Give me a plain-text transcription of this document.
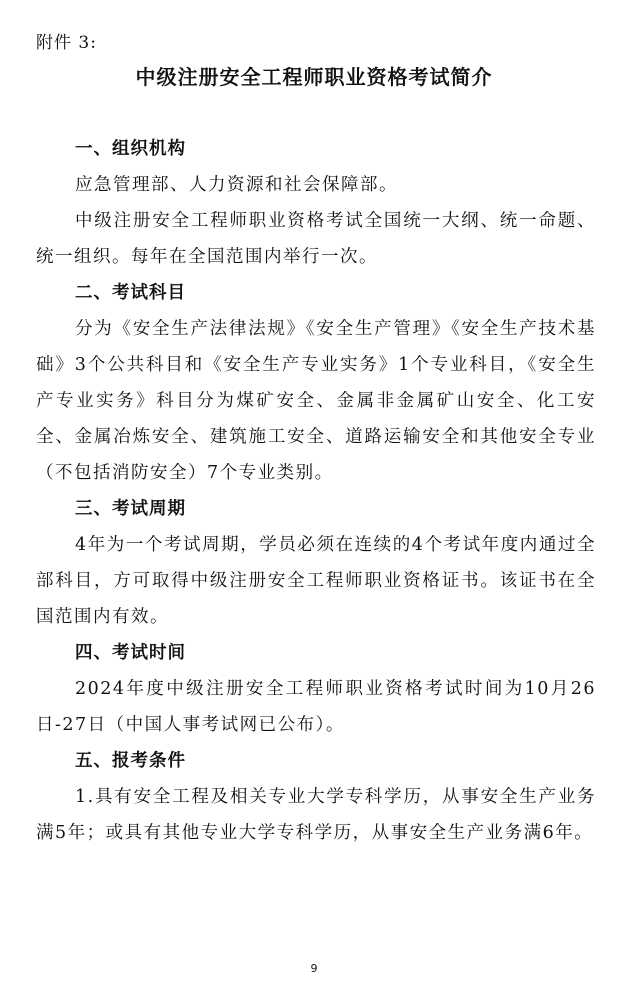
附件 3:
中级注册安全工程师职业资格考试简介

一、组织机构

应急管理部、人力资源和社会保障部。

中级注册安全工程师职业资格考试全国统一大纲、统一命题、统一组织。每年在全国范围内举行一次。

二、考试科目

分为《安全生产法律法规》《安全生产管理》《安全生产技术基础》3个公共科目和《安全生产专业实务》1个专业科目，《安全生产专业实务》科目分为煤矿安全、金属非金属矿山安全、化工安全、金属冶炼安全、建筑施工安全、道路运输安全和其他安全专业（不包括消防安全）7个专业类别。

三、考试周期

4年为一个考试周期，学员必须在连续的4个考试年度内通过全部科目，方可取得中级注册安全工程师职业资格证书。该证书在全国范围内有效。

四、考试时间

2024年度中级注册安全工程师职业资格考试时间为10月26日-27日（中国人事考试网已公布）。

五、报考条件

1.具有安全工程及相关专业大学专科学历，从事安全生产业务满5年；或具有其他专业大学专科学历，从事安全生产业务满6年。

9
